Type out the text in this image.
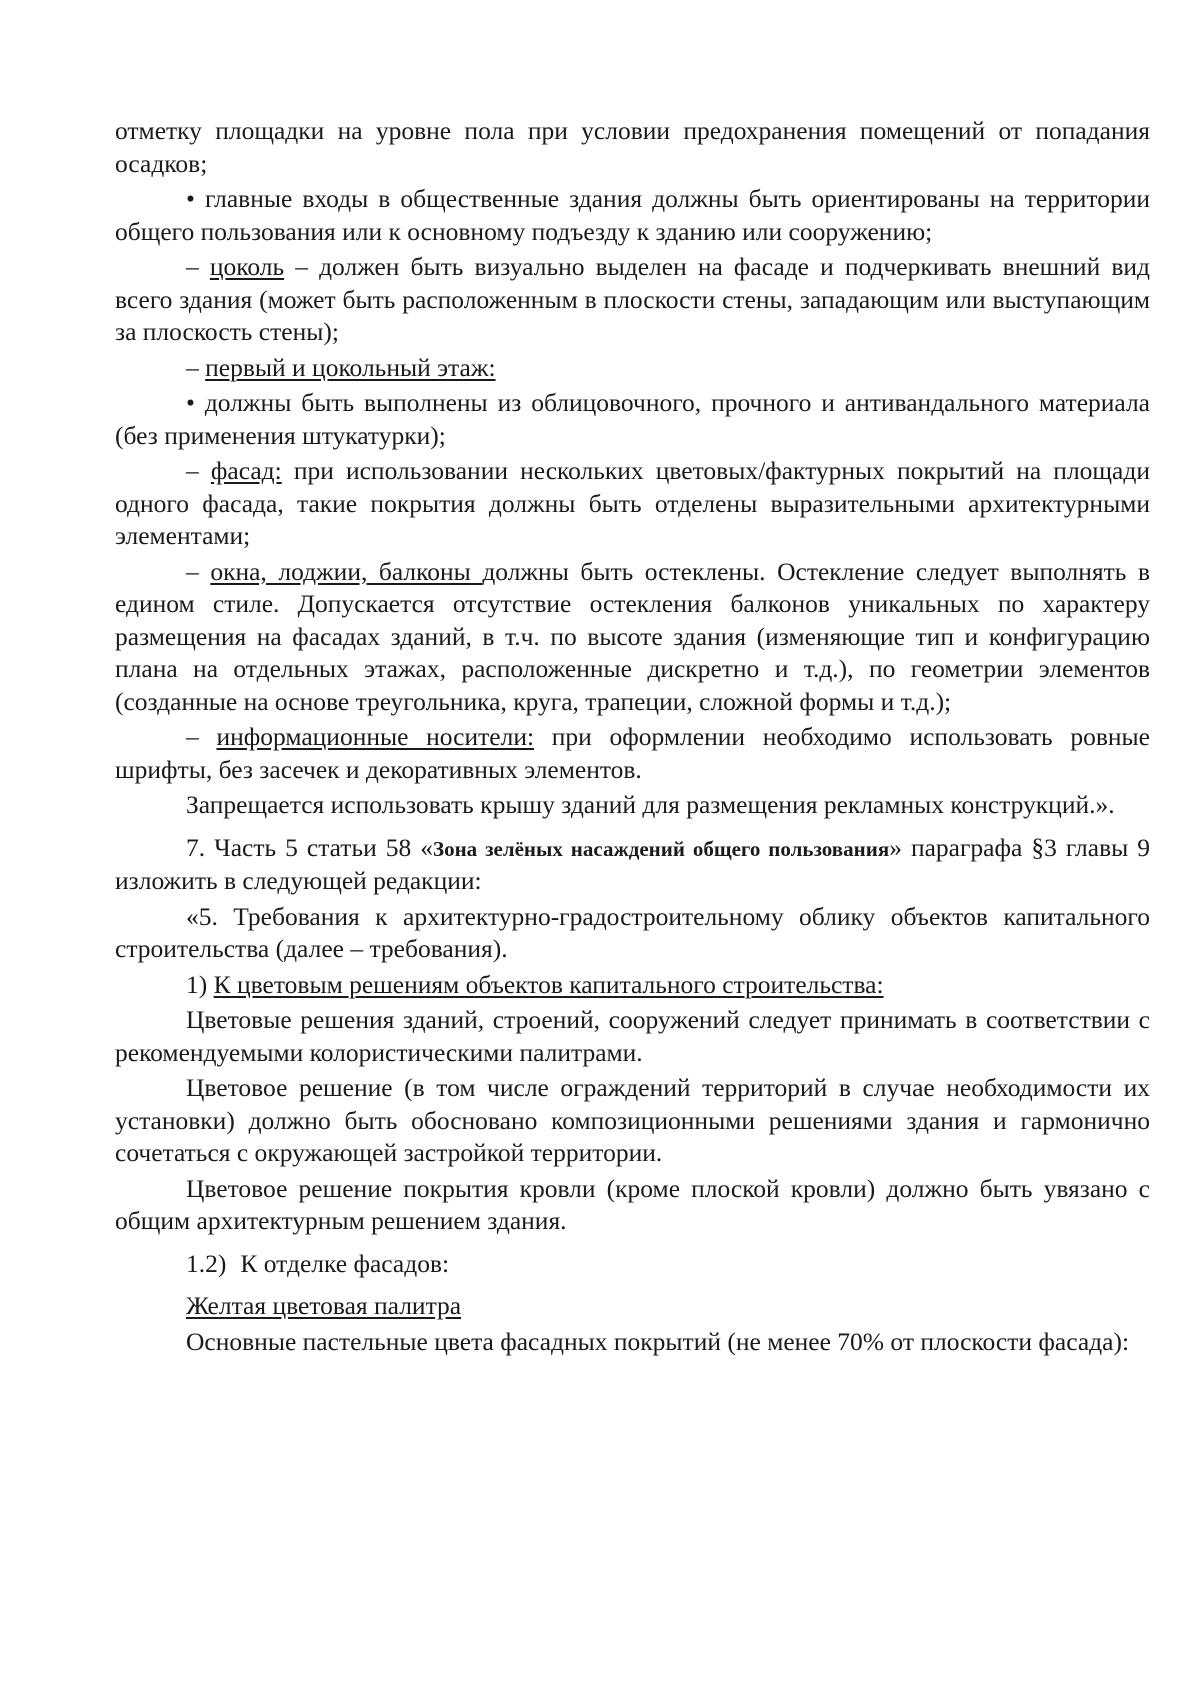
отметку площадки на уровне пола при условии предохранения помещений от попадания осадков;

• главные входы в общественные здания должны быть ориентированы на территории общего пользования или к основному подъезду к зданию или сооружению;

– цоколь – должен быть визуально выделен на фасаде и подчеркивать внешний вид всего здания (может быть расположенным в плоскости стены, западающим или выступающим за плоскость стены);

– первый и цокольный этаж:

• должны быть выполнены из облицовочного, прочного и антивандального материала (без применения штукатурки);

– фасад: при использовании нескольких цветовых/фактурных покрытий на площади одного фасада, такие покрытия должны быть отделены выразительными архитектурными элементами;

– окна, лоджии, балконы должны быть остеклены. Остекление следует выполнять в едином стиле. Допускается отсутствие остекления балконов уникальных по характеру размещения на фасадах зданий, в т.ч. по высоте здания (изменяющие тип и конфигурацию плана на отдельных этажах, расположенные дискретно и т.д.), по геометрии элементов (созданные на основе треугольника, круга, трапеции, сложной формы и т.д.);

– информационные носители: при оформлении необходимо использовать ровные шрифты, без засечек и декоративных элементов.

Запрещается использовать крышу зданий для размещения рекламных конструкций.».

7. Часть 5 статьи 58 «Зона зелёных насаждений общего пользования» параграфа §3 главы 9 изложить в следующей редакции:

«5. Требования к архитектурно-градостроительному облику объектов капитального строительства (далее – требования).

1) К цветовым решениям объектов капитального строительства:

Цветовые решения зданий, строений, сооружений следует принимать в соответствии с рекомендуемыми колористическими палитрами.

Цветовое решение (в том числе ограждений территорий в случае необходимости их установки) должно быть обосновано композиционными решениями здания и гармонично сочетаться с окружающей застройкой территории.

Цветовое решение покрытия кровли (кроме плоской кровли) должно быть увязано с общим архитектурным решением здания.

1.2) К отделке фасадов:

Желтая цветовая палитра

Основные пастельные цвета фасадных покрытий (не менее 70% от плоскости фасада):
